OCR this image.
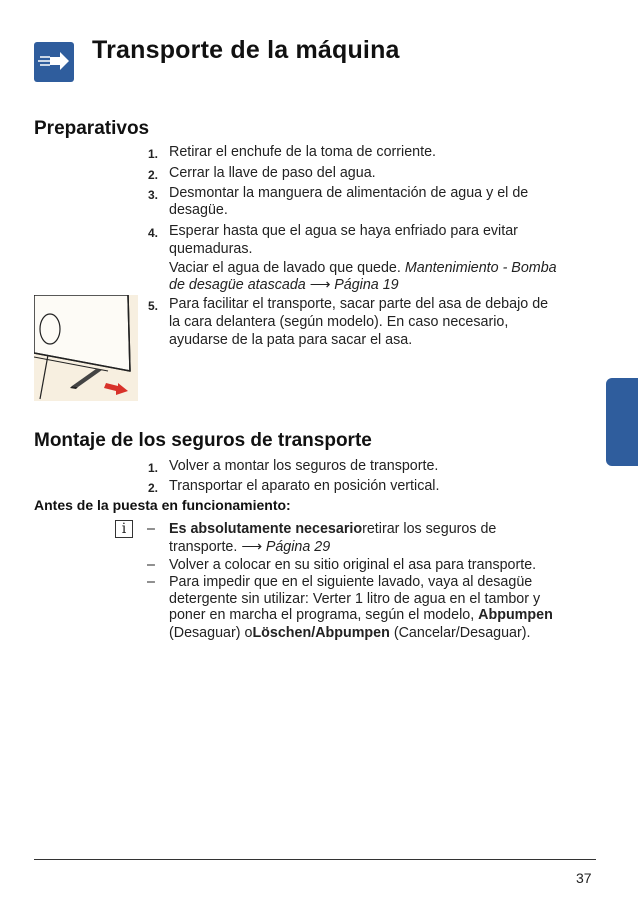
Transporte de la máquina
Preparativos
1. Retirar el enchufe de la toma de corriente.
2. Cerrar la llave de paso del agua.
3. Desmontar la manguera de alimentación de agua y el de
desagüe.
4. Esperar hasta que el agua se haya enfriado para evitar
quemaduras.
Vaciar el agua de lavado que quede. Mantenimiento - Bomba
de desagüe atascada ⟶ Página 19
5. Para facilitar el transporte, sacar parte del asa de debajo de
la cara delantera (según modelo). En caso necesario,
ayudarse de la pata para sacar el asa.
Montaje de los seguros de transporte
1. Volver a montar los seguros de transporte.
2. Transportar el aparato en posición vertical.
Antes de la puesta en funcionamiento:
i	– Es absolutamente necesarioretirar los seguros de
transporte. ⟶ Página 29
– Volver a colocar en su sitio original el asa para transporte.
– Para impedir que en el siguiente lavado, vaya al desagüe
detergente sin utilizar: Verter 1 litro de agua en el tambor y
poner en marcha el programa, según el modelo, Abpumpen
(Desaguar) oLöschen/Abpumpen (Cancelar/Desaguar).
37
